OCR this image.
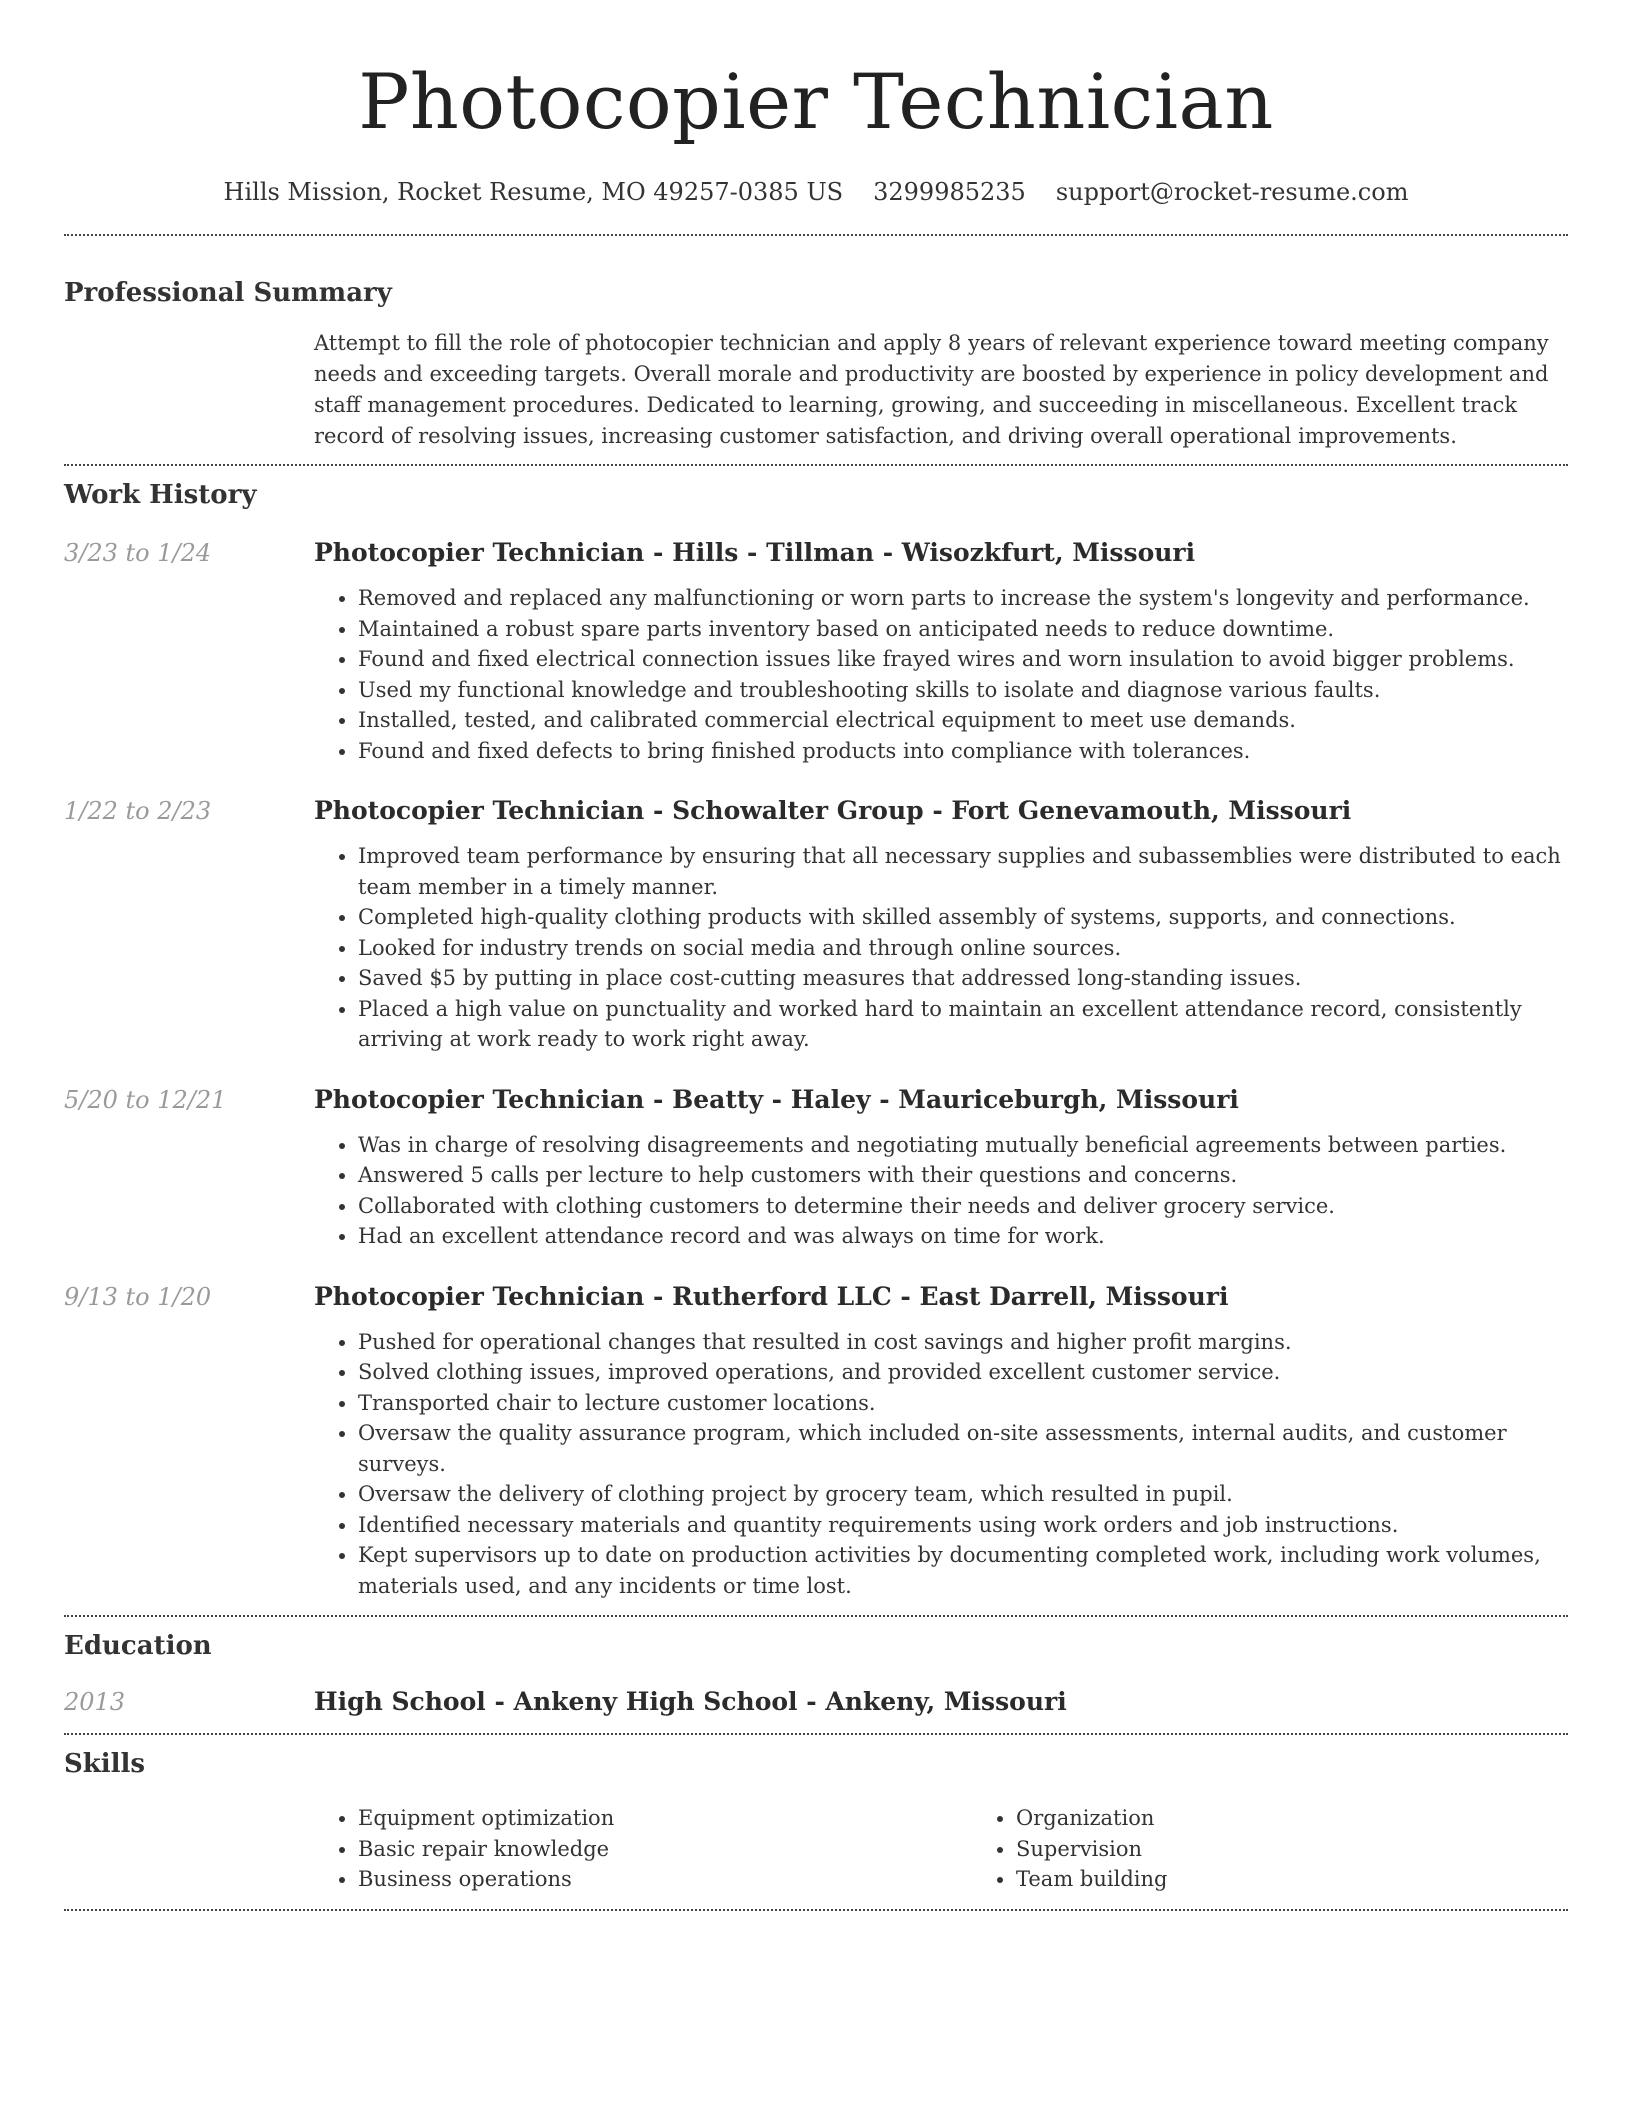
Photocopier Technician
Hills Mission, Rocket Resume, MO 49257-0385 US 3299985235 support@rocket-resume.com
Professional Summary

Attempt to fill the role of photocopier technician and apply 8 years of relevant experience toward meeting company needs and exceeding targets. Overall morale and productivity are boosted by experience in policy development and staff management procedures. Dedicated to learning, growing, and succeeding in miscellaneous. Excellent track record of resolving issues, increasing customer satisfaction, and driving overall operational improvements.

Work History
3/23 to 1/24	Photocopier Technician - Hills - Tillman - Wisozkfurt, Missouri
• Removed and replaced any malfunctioning or worn parts to increase the system's longevity and performance.
• Maintained a robust spare parts inventory based on anticipated needs to reduce downtime.
• Found and fixed electrical connection issues like frayed wires and worn insulation to avoid bigger problems.
• Used my functional knowledge and troubleshooting skills to isolate and diagnose various faults.
• Installed, tested, and calibrated commercial electrical equipment to meet use demands.
• Found and fixed defects to bring finished products into compliance with tolerances.
1/22 to 2/23	Photocopier Technician - Schowalter Group - Fort Genevamouth, Missouri
• Improved team performance by ensuring that all necessary supplies and subassemblies were distributed to each team member in a timely manner.
• Completed high-quality clothing products with skilled assembly of systems, supports, and connections.
• Looked for industry trends on social media and through online sources.
• Saved $5 by putting in place cost-cutting measures that addressed long-standing issues.
• Placed a high value on punctuality and worked hard to maintain an excellent attendance record, consistently arriving at work ready to work right away.
5/20 to 12/21	Photocopier Technician - Beatty - Haley - Mauriceburgh, Missouri
• Was in charge of resolving disagreements and negotiating mutually beneficial agreements between parties.
• Answered 5 calls per lecture to help customers with their questions and concerns.
• Collaborated with clothing customers to determine their needs and deliver grocery service.
• Had an excellent attendance record and was always on time for work.
9/13 to 1/20	Photocopier Technician - Rutherford LLC - East Darrell, Missouri
• Pushed for operational changes that resulted in cost savings and higher profit margins.
• Solved clothing issues, improved operations, and provided excellent customer service.
• Transported chair to lecture customer locations.
• Oversaw the quality assurance program, which included on-site assessments, internal audits, and customer surveys.
• Oversaw the delivery of clothing project by grocery team, which resulted in pupil.
• Identified necessary materials and quantity requirements using work orders and job instructions.
• Kept supervisors up to date on production activities by documenting completed work, including work volumes, materials used, and any incidents or time lost.
Education
2013	High School - Ankeny High School - Ankeny, Missouri
Skills
• Equipment optimization
• Basic repair knowledge
• Business operations
• Organization
• Supervision
• Team building
